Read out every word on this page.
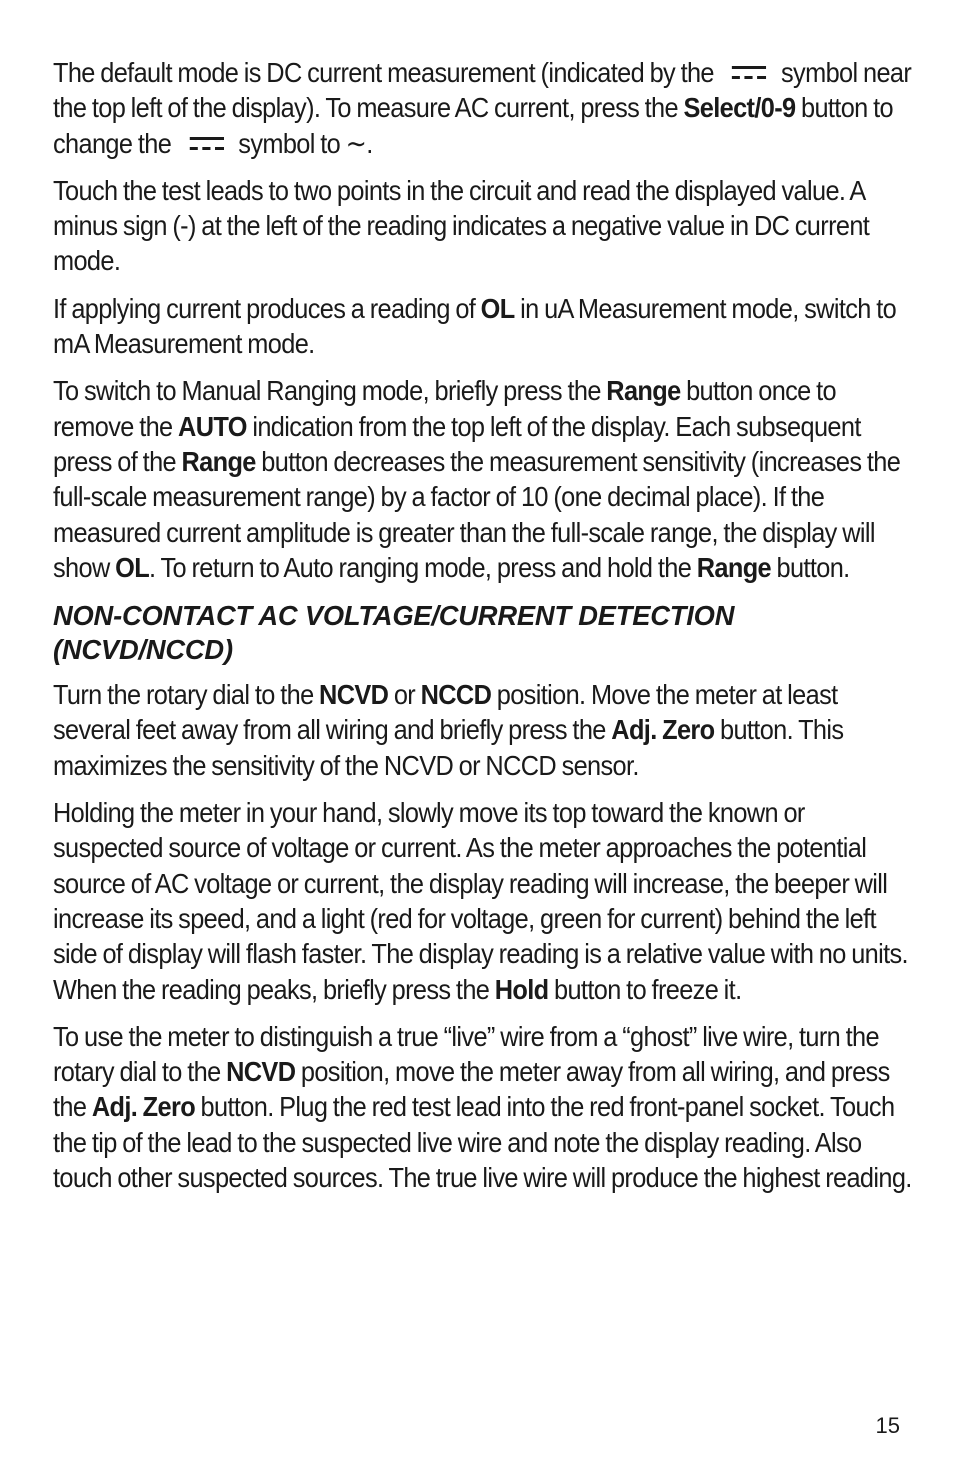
The default mode is DC current measurement (indicated by the
symbol near the top left of the display). To measure AC current, press the Select/0-9 button to change the
symbol to ∼.

Touch the test leads to two points in the circuit and read the displayed value. A minus sign (-) at the left of the reading indicates a negative value in DC current mode.

If applying current produces a reading of OL in uA Measurement mode, switch to mA Measurement mode.

To switch to Manual Ranging mode, briefly press the Range button once to remove the AUTO indication from the top left of the display. Each subsequent press of the Range button decreases the measurement sensitivity (increases the full-scale measurement range) by a factor of 10 (one decimal place). If the measured current amplitude is greater than the full-scale range, the display will show OL. To return to Auto ranging mode, press and hold the Range button.

NON-CONTACT AC VOLTAGE/CURRENT DETECTION
(NCVD/NCCD)

Turn the rotary dial to the NCVD or NCCD position. Move the meter at least several feet away from all wiring and briefly press the Adj. Zero button. This maximizes the sensitivity of the NCVD or NCCD sensor.

Holding the meter in your hand, slowly move its top toward the known or suspected source of voltage or current. As the meter approaches the potential source of AC voltage or current, the display reading will increase, the beeper will increase its speed, and a light (red for voltage, green for current) behind the left side of display will flash faster. The display reading is a relative value with no units. When the reading peaks, briefly press the Hold button to freeze it.

To use the meter to distinguish a true “live” wire from a “ghost” live wire, turn the rotary dial to the NCVD position, move the meter away from all wiring, and press the Adj. Zero button. Plug the red test lead into the red front-panel socket. Touch the tip of the lead to the suspected live wire and note the display reading. Also touch other suspected sources. The true live wire will produce the highest reading.

15
